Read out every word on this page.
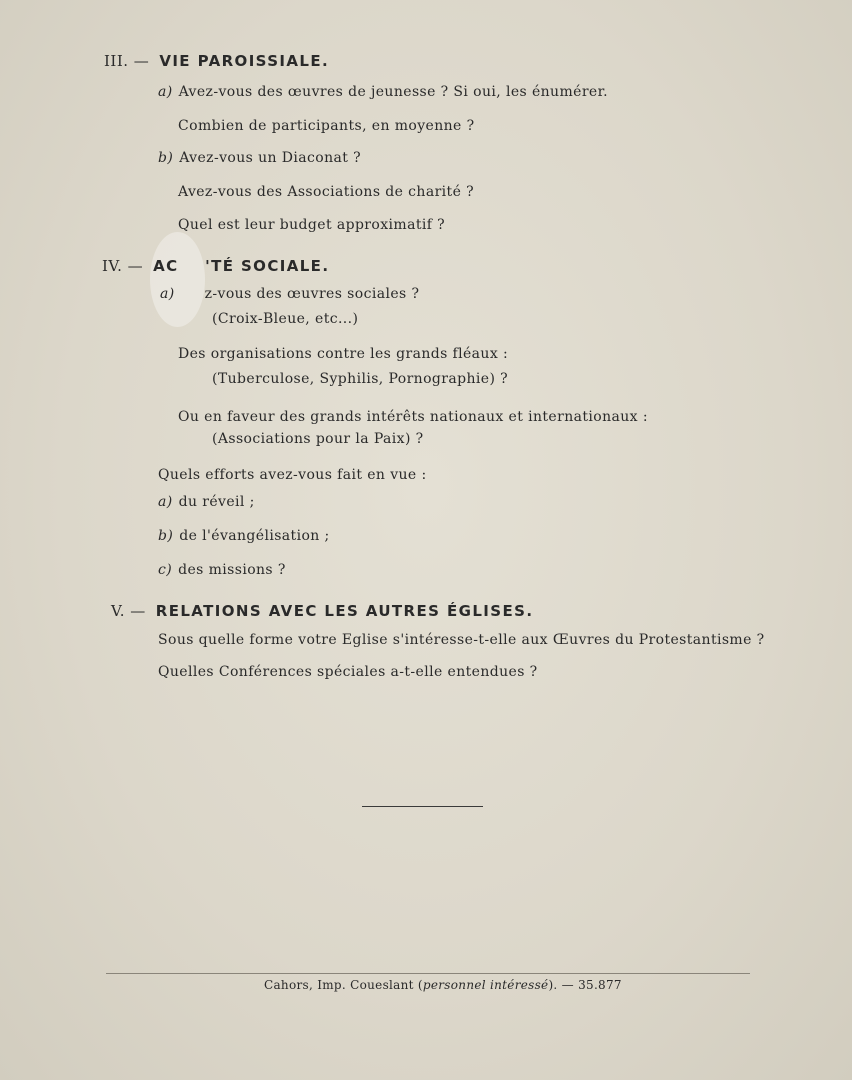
III. — VIE PAROISSIALE.
a) Avez-vous des œuvres de jeunesse ? Si oui, les énumérer.
Combien de participants, en moyenne ?
b) Avez-vous un Diaconat ?
Avez-vous des Associations de charité ?
Quel est leur budget approximatif ?
IV. — AC    'TÉ SOCIALE.
a) z-vous des œuvres sociales ?
(Croix-Bleue, etc...)
Des organisations contre les grands fléaux :
(Tuberculose, Syphilis, Pornographie) ?
Ou en faveur des grands intérêts nationaux et internationaux :
(Associations pour la Paix) ?
Quels efforts avez-vous fait en vue :
a) du réveil ;
b) de l'évangélisation ;
c) des missions ?
V. — RELATIONS AVEC LES AUTRES ÉGLISES.
Sous quelle forme votre Eglise s'intéresse-t-elle aux Œuvres du Protestantisme ?
Quelles Conférences spéciales a-t-elle entendues ?
Cahors, Imp. Coueslant (personnel intéressé). — 35.877
